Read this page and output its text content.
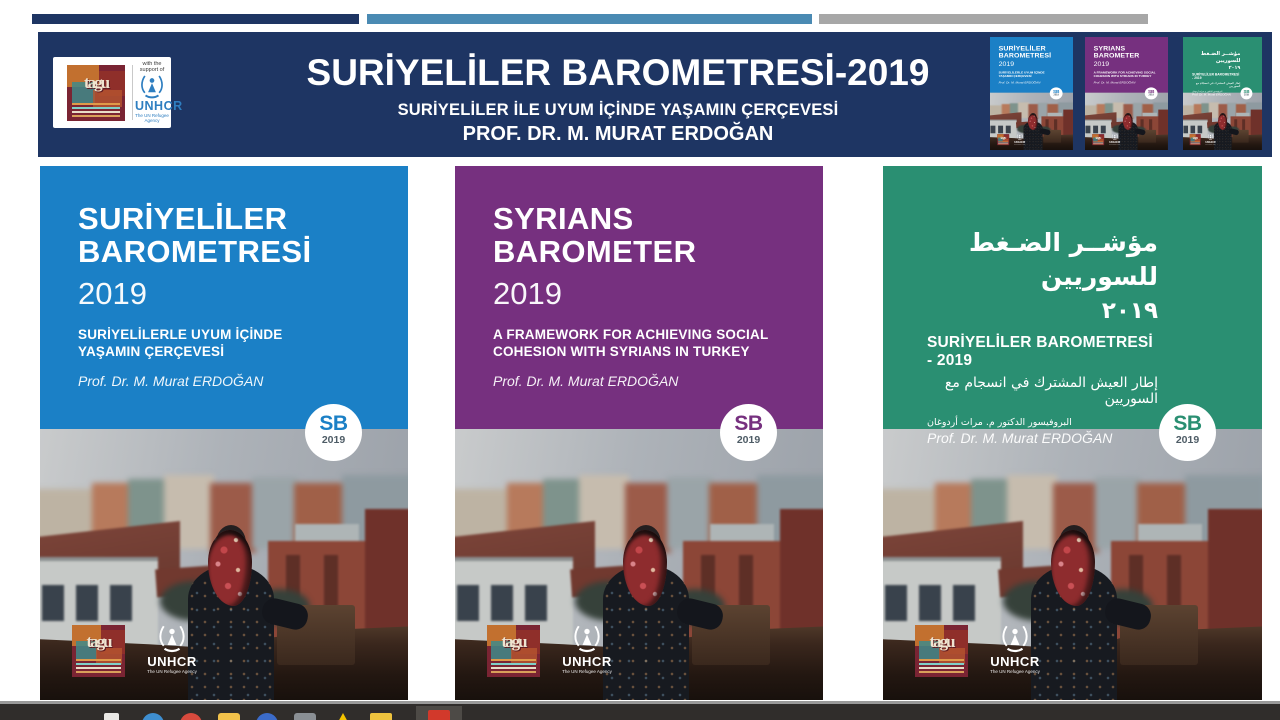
tagu
with the support of
UNHCR
The UN Refugee Agency
SURİYELİLER BAROMETRESİ-2019
SURİYELİLER İLE UYUM İÇİNDE YAŞAMIN ÇERÇEVESİ
PROF. DR. M. MURAT ERDOĞAN
SURİYELİLER
BAROMETRESİ
2019
SURİYELİLERLE UYUM İÇİNDE
YAŞAMIN ÇERÇEVESİ
Prof. Dr. M. Murat ERDOĞAN
tagu
UNHCR
The UN Refugee Agency
SB
2019
SYRIANS
BAROMETER
2019
A FRAMEWORK FOR ACHIEVING SOCIAL
COHESION WITH SYRIANS IN TURKEY
Prof. Dr. M. Murat ERDOĞAN
tagu
UNHCR
The UN Refugee Agency
SB
2019
مؤشــر الضـغط للسوريين
٢٠١٩
SURİYELİLER BAROMETRESİ - 2019
إطار العيش المشترك في انسجام مع السوريين
البروفيسور الدكتور م. مرات أردوغان
Prof. Dr. M. Murat ERDOĞAN
tagu
UNHCR
The UN Refugee Agency
SB
2019
SURİYELİLER
BAROMETRESİ
2019
SURİYELİLERLE UYUM İÇİNDE
YAŞAMIN ÇERÇEVESİ
Prof. Dr. M. Murat ERDOĞAN
tagu
UNHCR
The UN Refugee Agency
SB
2019
SYRIANS
BAROMETER
2019
A FRAMEWORK FOR ACHIEVING SOCIAL
COHESION WITH SYRIANS IN TURKEY
Prof. Dr. M. Murat ERDOĞAN
tagu
UNHCR
The UN Refugee Agency
SB
2019
مؤشــر الضـغط للسوريين
٢٠١٩
SURİYELİLER BAROMETRESİ - 2019
إطار العيش المشترك في انسجام مع السوريين
البروفيسور الدكتور م. مرات أردوغان
Prof. Dr. M. Murat ERDOĞAN
tagu
UNHCR
The UN Refugee Agency
SB
2019
